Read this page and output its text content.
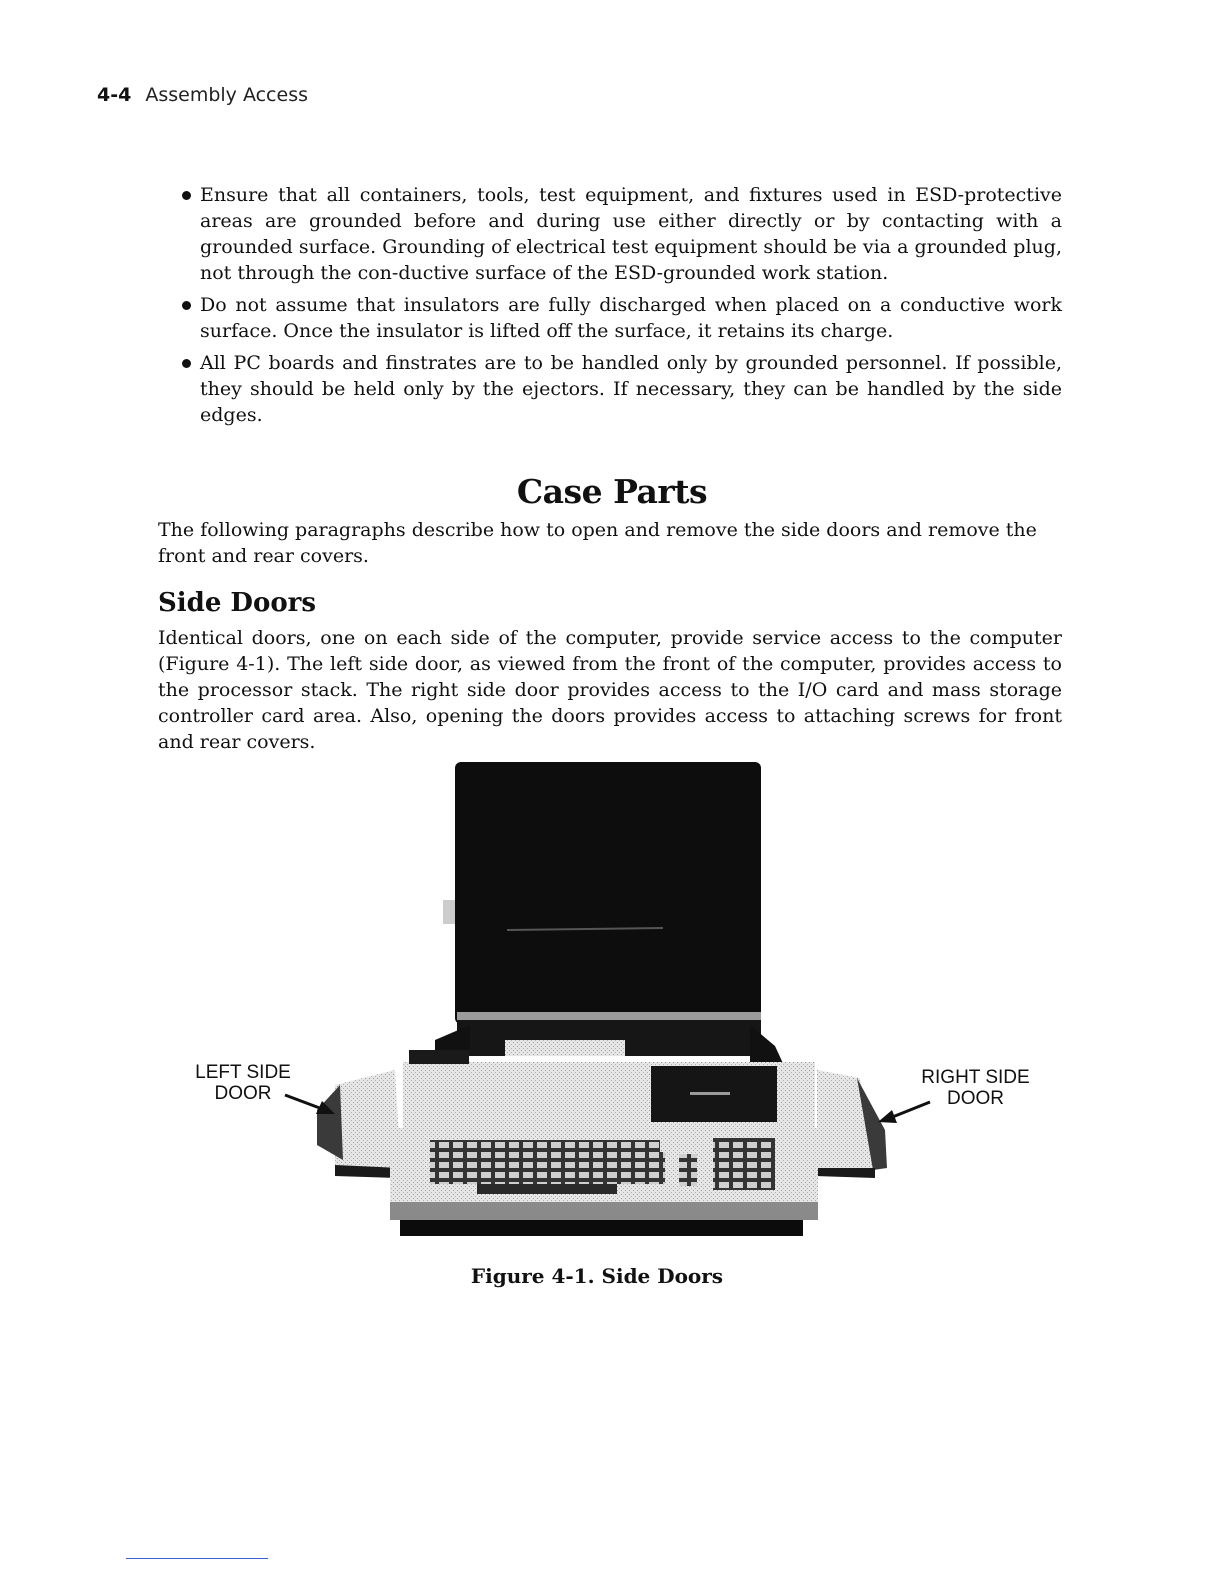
4-4 Assembly Access
Ensure that all containers, tools, test equipment, and fixtures used in ESD-protective areas are grounded before and during use either directly or by contacting with a grounded surface. Grounding of electrical test equipment should be via a grounded plug, not through the con-ductive surface of the ESD-grounded work station.
Do not assume that insulators are fully discharged when placed on a conductive work surface. Once the insulator is lifted off the surface, it retains its charge.
All PC boards and finstrates are to be handled only by grounded personnel. If possible, they should be held only by the ejectors. If necessary, they can be handled by the side edges.
Case Parts

The following paragraphs describe how to open and remove the side doors and remove the front and rear covers.

Side Doors

Identical doors, one on each side of the computer, provide service access to the computer (Figure 4-1). The left side door, as viewed from the front of the computer, provides access to the processor stack. The right side door provides access to the I/O card and mass storage controller card area. Also, opening the doors provides access to attaching screws for front and rear covers.

LEFT SIDE DOOR
RIGHT SIDE DOOR
Figure 4-1. Side Doors
